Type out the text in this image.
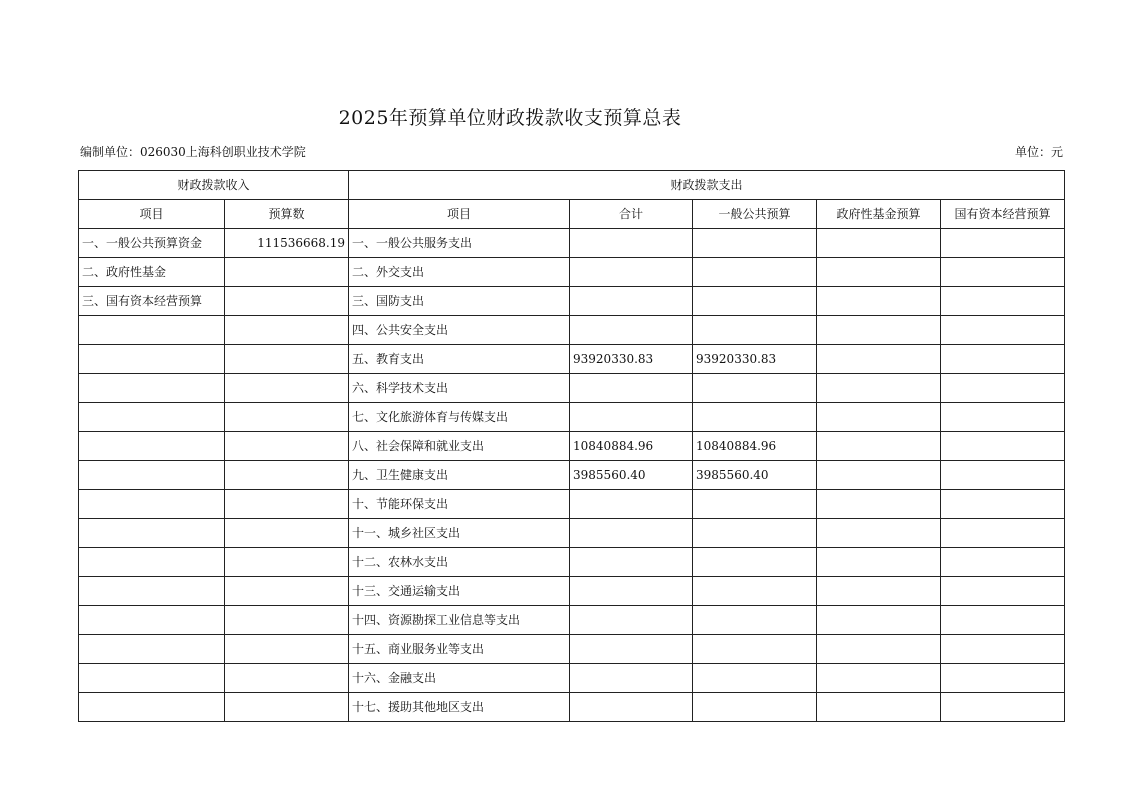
2025年预算单位财政拨款收支预算总表
编制单位：026030上海科创职业技术学院	单位：元
财政拨款收入		财政拨款支出				
项目	预算数	项目	合计	一般公共预算	政府性基金预算	国有资本经营预算
一、一般公共预算资金	111536668.19	一、一般公共服务支出				
二、政府性基金		二、外交支出				
三、国有资本经营预算		三、国防支出				
		四、公共安全支出				
		五、教育支出	93920330.83	93920330.83		
		六、科学技术支出				
		七、文化旅游体育与传媒支出				
		八、社会保障和就业支出	10840884.96	10840884.96		
		九、卫生健康支出	3985560.40	3985560.40		
		十、节能环保支出				
		十一、城乡社区支出				
		十二、农林水支出				
		十三、交通运输支出				
		十四、资源勘探工业信息等支出				
		十五、商业服务业等支出				
		十六、金融支出				
		十七、援助其他地区支出				
